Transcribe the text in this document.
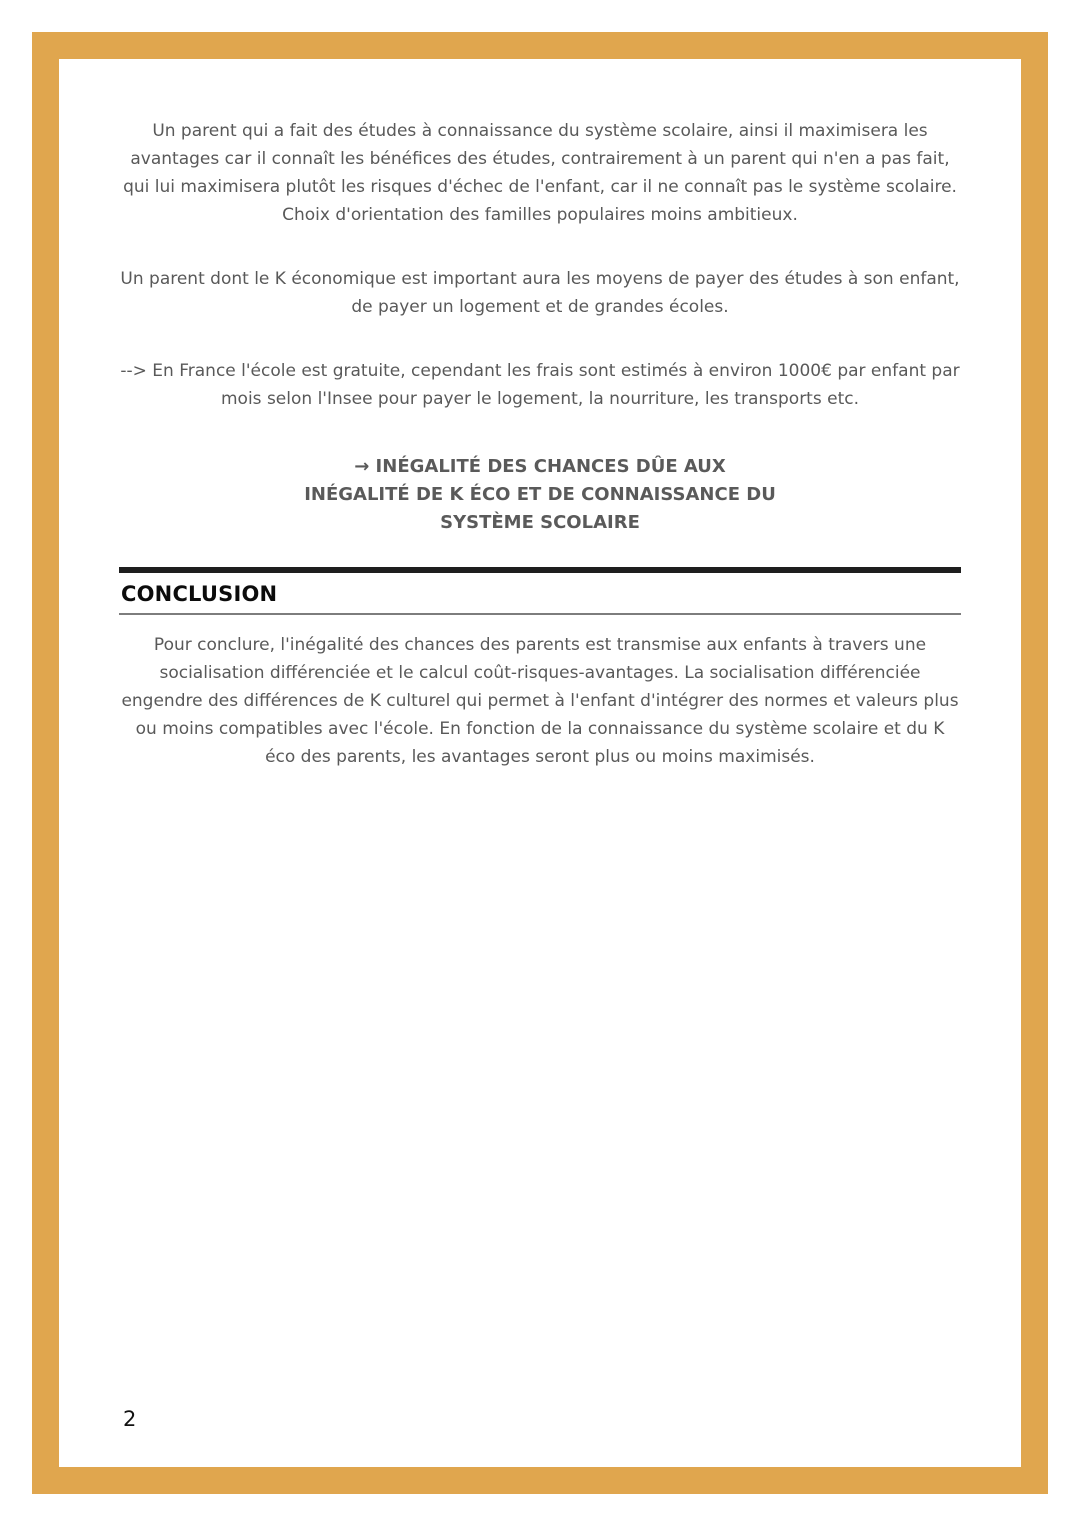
Un parent qui a fait des études à connaissance du système scolaire, ainsi il maximisera les avantages car il connaît les bénéfices des études, contrairement à un parent qui n'en a pas fait, qui lui maximisera plutôt les risques d'échec de l'enfant, car il ne connaît pas le système scolaire. Choix d'orientation des familles populaires moins ambitieux.

Un parent dont le K économique est important aura les moyens de payer des études à son enfant, de payer un logement et de grandes écoles.

--> En France l'école est gratuite, cependant les frais sont estimés à environ 1000€ par enfant par mois selon l'Insee pour payer le logement, la nourriture, les transports etc.

→ INÉGALITÉ DES CHANCES DÛE AUX
INÉGALITÉ DE K ÉCO ET DE CONNAISSANCE DU
SYSTÈME SCOLAIRE
CONCLUSION

Pour conclure, l'inégalité des chances des parents est transmise aux enfants à travers une socialisation différenciée et le calcul coût-risques-avantages. La socialisation différenciée engendre des différences de K culturel qui permet à l'enfant d'intégrer des normes et valeurs plus ou moins compatibles avec l'école. En fonction de la connaissance du système scolaire et du K éco des parents, les avantages seront plus ou moins maximisés.

2
